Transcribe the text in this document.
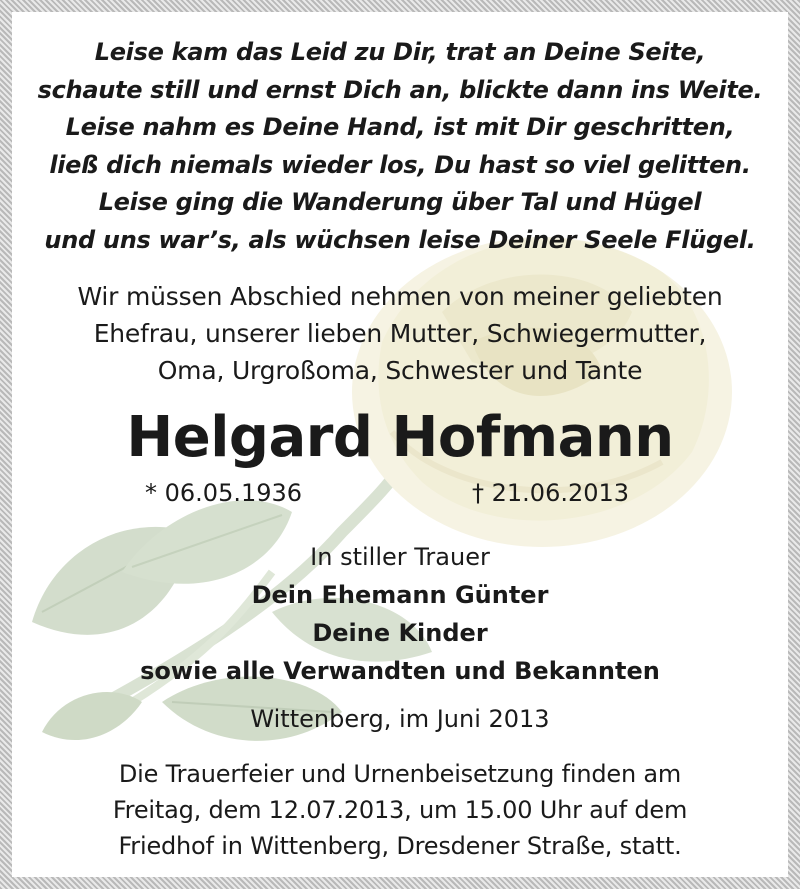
Leise kam das Leid zu Dir, trat an Deine Seite,
schaute still und ernst Dich an, blickte dann ins Weite.
Leise nahm es Deine Hand, ist mit Dir geschritten,
ließ dich niemals wieder los, Du hast so viel gelitten.
Leise ging die Wanderung über Tal und Hügel
und uns war’s, als wüchsen leise Deiner Seele Flügel.
Wir müssen Abschied nehmen von meiner geliebten
Ehefrau, unserer lieben Mutter, Schwiegermutter,
Oma, Urgroßoma, Schwester und Tante
Helgard Hofmann
* 06.05.1936	† 21.06.2013
In stiller Trauer
Dein Ehemann Günter
Deine Kinder
sowie alle Verwandten und Bekannten
Wittenberg, im Juni 2013
Die Trauerfeier und Urnenbeisetzung finden am
Freitag, dem 12.07.2013, um 15.00 Uhr auf dem
Friedhof in Wittenberg, Dresdener Straße, statt.
